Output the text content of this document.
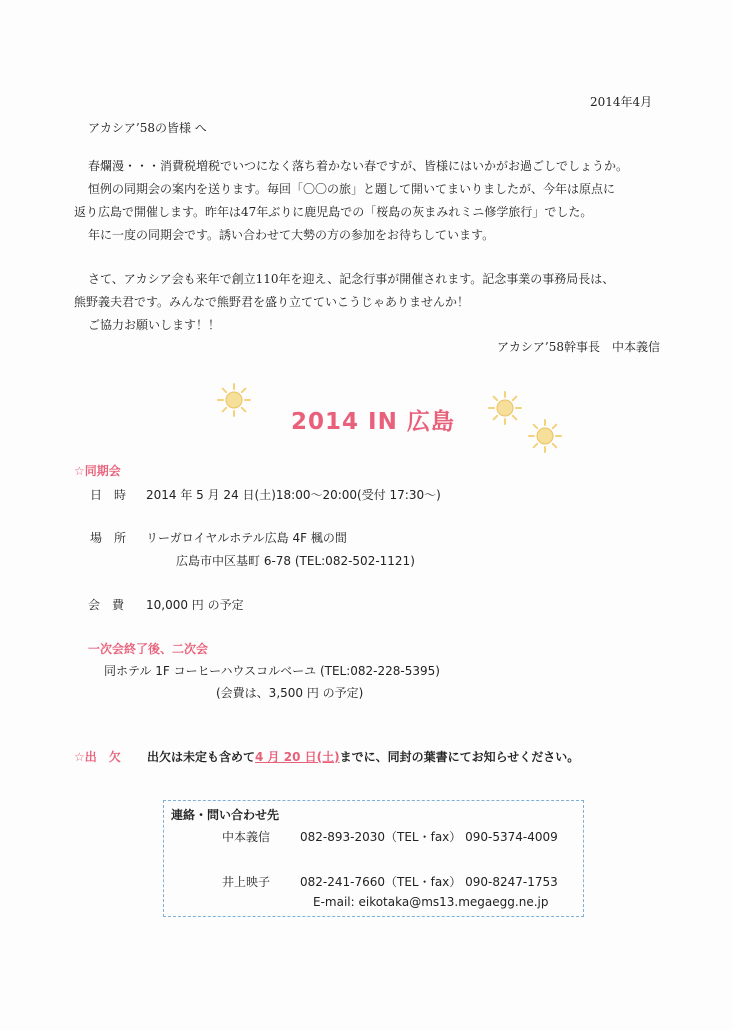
2014年4月
アカシア’58の皆様 へ
春爛漫・・・消費税増税でいつになく落ち着かない春ですが、皆様にはいかがお過ごしでしょうか。
恒例の同期会の案内を送ります。毎回「〇〇の旅」と題して開いてまいりましたが、今年は原点に
返り広島で開催します。昨年は47年ぶりに鹿児島での「桜島の灰まみれミニ修学旅行」でした。
年に一度の同期会です。誘い合わせて大勢の方の参加をお待ちしています。
さて、アカシア会も来年で創立110年を迎え、記念行事が開催されます。記念事業の事務局長は、
熊野義夫君です。みんなで熊野君を盛り立てていこうじゃありませんか！
ご協力お願いします！！
アカシア’58幹事長　中本義信
2014 IN 広島
☆同期会
日　時 2014 年 5 月 24 日(土)18:00～20:00(受付 17:30～)
場　所 リーガロイヤルホテル広島 4F 楓の間
広島市中区基町 6-78 (TEL:082-502-1121)
会　費 10,000 円 の予定
一次会終了後、二次会
同ホテル 1F コーヒーハウスコルベーユ (TEL:082-228-5395)
(会費は、3,500 円 の予定)
☆出　欠 出欠は未定も含めて4 月 20 日(土)までに、同封の葉書にてお知らせください。
連絡・問い合わせ先
中本義信 082-893-2030（TEL・fax） 090-5374-4009
井上映子 082-241-7660（TEL・fax） 090-8247-1753
E-mail: eikotaka@ms13.megaegg.ne.jp
